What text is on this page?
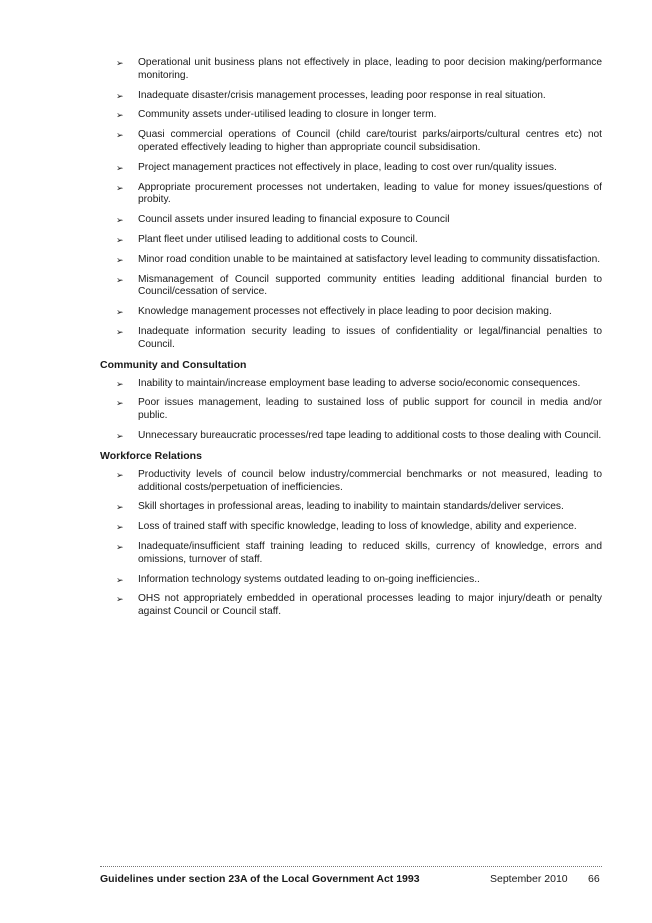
➢ Operational unit business plans not effectively in place, leading to poor decision making/performance monitoring.
➢ Inadequate disaster/crisis management processes, leading poor response in real situation.
➢ Community assets under-utilised leading to closure in longer term.
➢ Quasi commercial operations of Council (child care/tourist parks/airports/cultural centres etc) not operated effectively leading to higher than appropriate council subsidisation.
➢ Project management practices not effectively in place, leading to cost over run/quality issues.
➢ Appropriate procurement processes not undertaken, leading to value for money issues/questions of probity.
➢ Council assets under insured leading to financial exposure to Council
➢ Plant fleet under utilised leading to additional costs to Council.
➢ Minor road condition unable to be maintained at satisfactory level leading to community dissatisfaction.
➢ Mismanagement of Council supported community entities leading additional financial burden to Council/cessation of service.
➢ Knowledge management processes not effectively in place leading to poor decision making.
➢ Inadequate information security leading to issues of confidentiality or legal/financial penalties to Council.
Community and Consultation
➢ Inability to maintain/increase employment base leading to adverse socio/economic consequences.
➢ Poor issues management, leading to sustained loss of public support for council in media and/or public.
➢ Unnecessary bureaucratic processes/red tape leading to additional costs to those dealing with Council.
Workforce Relations
➢ Productivity levels of council below industry/commercial benchmarks or not measured, leading to additional costs/perpetuation of inefficiencies.
➢ Skill shortages in professional areas, leading to inability to maintain standards/deliver services.
➢ Loss of trained staff with specific knowledge, leading to loss of knowledge, ability and experience.
➢ Inadequate/insufficient staff training leading to reduced skills, currency of knowledge, errors and omissions, turnover of staff.
➢ Information technology systems outdated leading to on-going inefficiencies..
➢ OHS not appropriately embedded in operational processes leading to major injury/death or penalty against Council or Council staff.
Guidelines under section 23A of the Local Government Act 1993	September 2010 66
